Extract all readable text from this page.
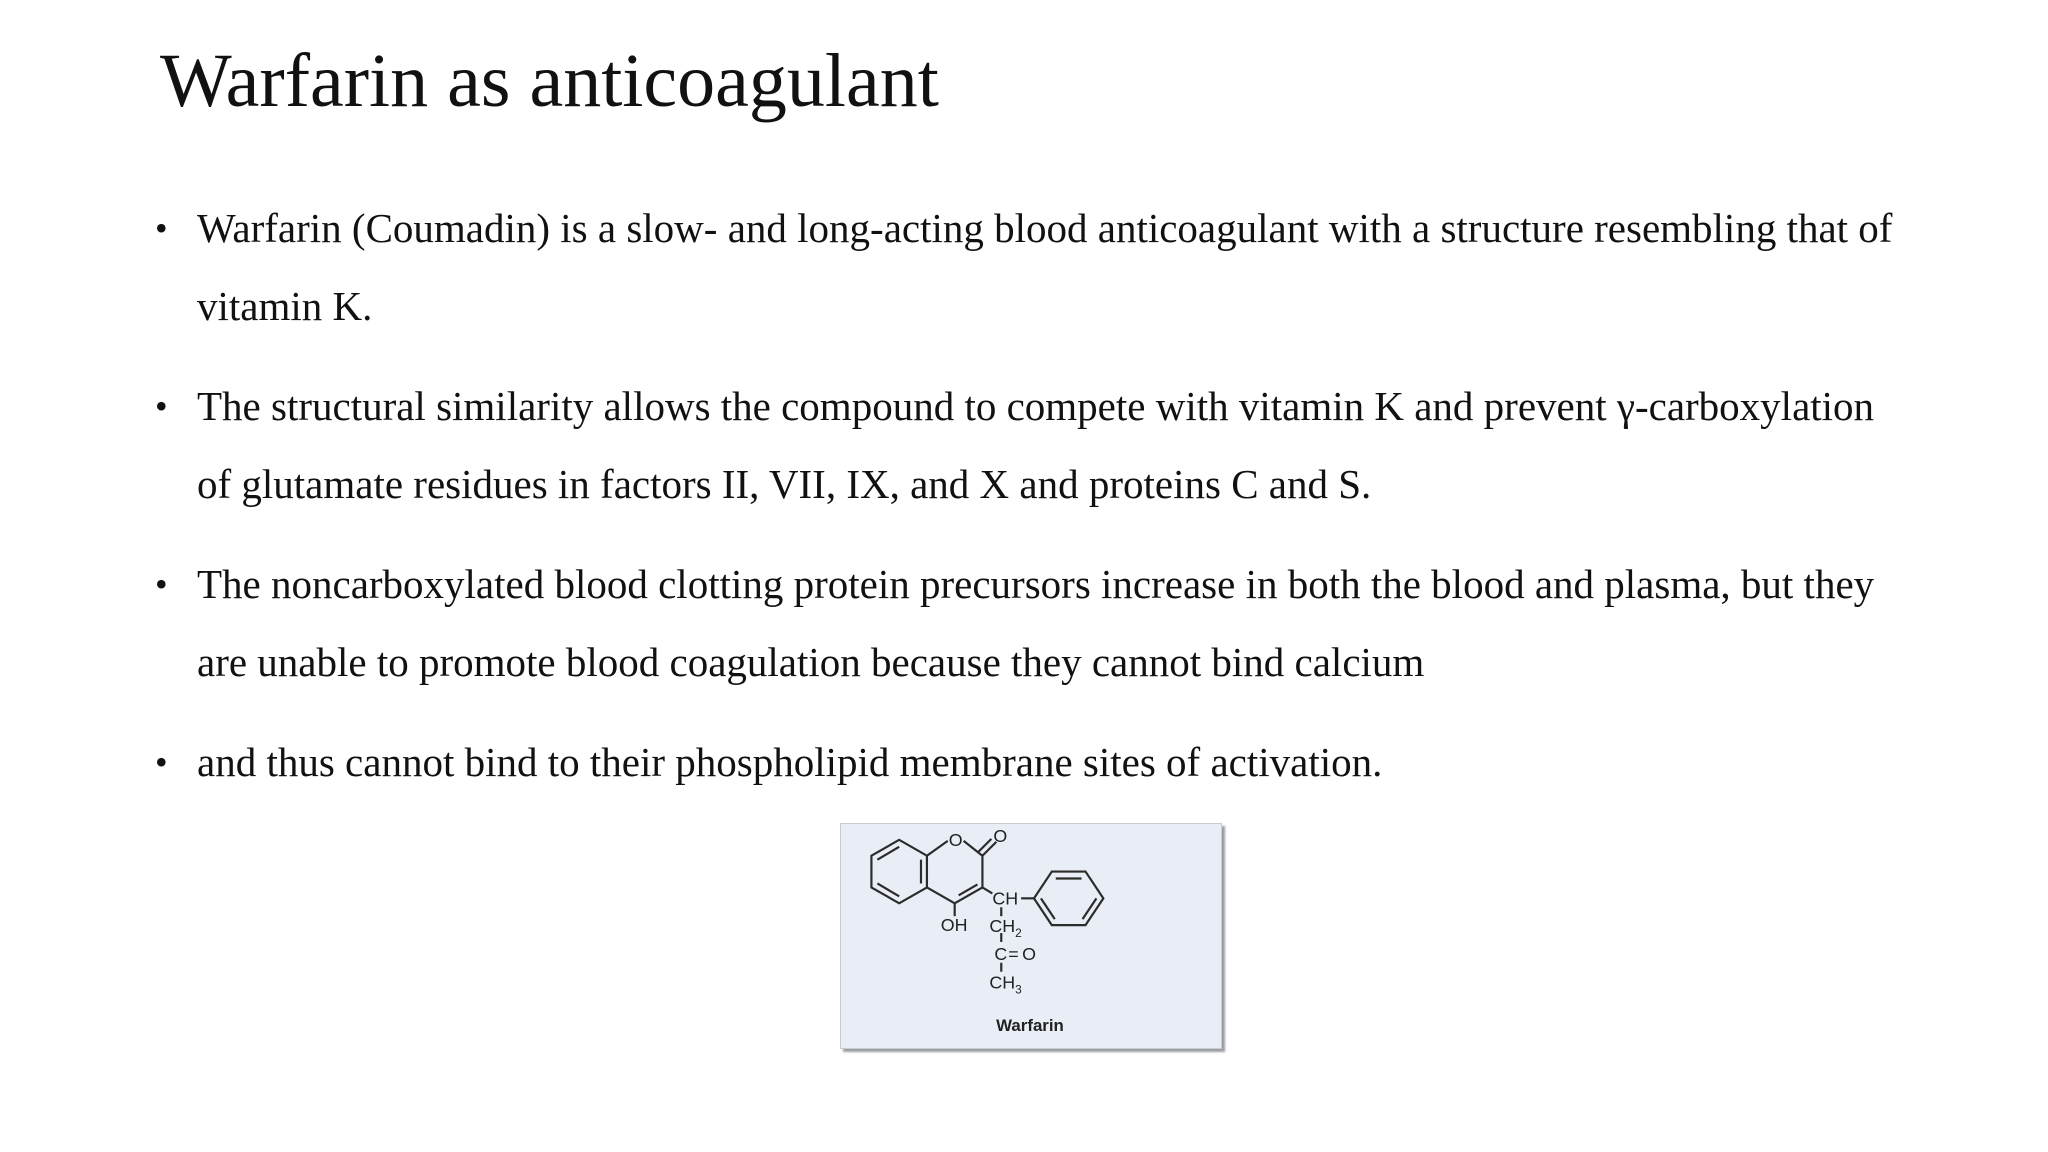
Warfarin as anticoagulant
• Warfarin (Coumadin) is a slow- and long-acting blood anticoagulant with a structure resembling that of vitamin K.
• The structural similarity allows the compound to compete with vitamin K and prevent γ-carboxylation of glutamate residues in factors II, VII, IX, and X and proteins C and S.
• The noncarboxylated blood clotting protein precursors increase in both the blood and plasma, but they are unable to promote blood coagulation because they cannot bind calcium
• and thus cannot bind to their phospholipid membrane sites of activation.
O O
OH
CH
$CH_2$
C = O
$CH_3$
Warfarin
